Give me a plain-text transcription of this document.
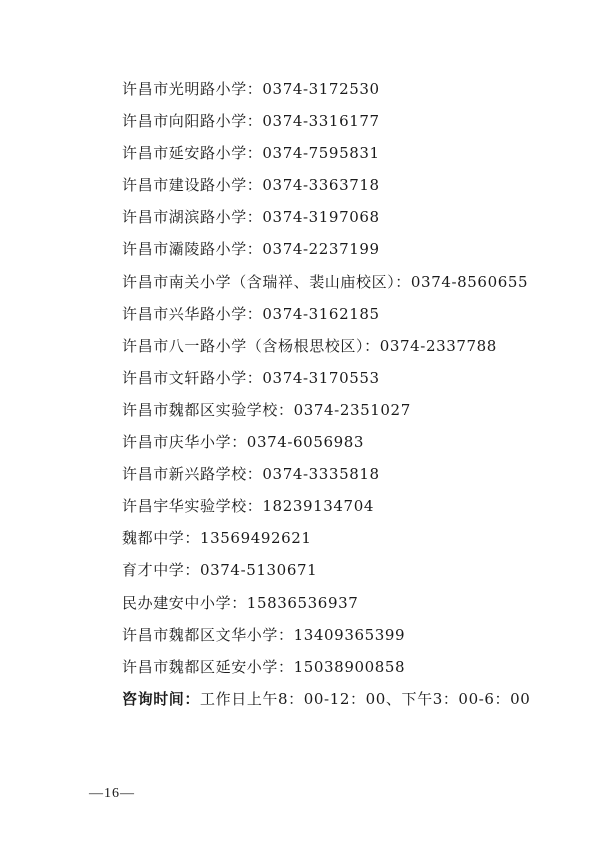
许昌市光明路小学：0374-3172530
许昌市向阳路小学：0374-3316177
许昌市延安路小学：0374-7595831
许昌市建设路小学：0374-3363718
许昌市湖滨路小学：0374-3197068
许昌市灞陵路小学：0374-2237199
许昌市南关小学（含瑞祥、裴山庙校区）：0374-8560655
许昌市兴华路小学：0374-3162185
许昌市八一路小学（含杨根思校区）：0374-2337788
许昌市文轩路小学：0374-3170553
许昌市魏都区实验学校：0374-2351027
许昌市庆华小学：0374-6056983
许昌市新兴路学校：0374-3335818
许昌宇华实验学校：18239134704
魏都中学：13569492621
育才中学：0374-5130671
民办建安中小学：15836536937
许昌市魏都区文华小学：13409365399
许昌市魏都区延安小学：15038900858
咨询时间：工作日上午8：00-12：00、下午3：00-6：00
—16—
